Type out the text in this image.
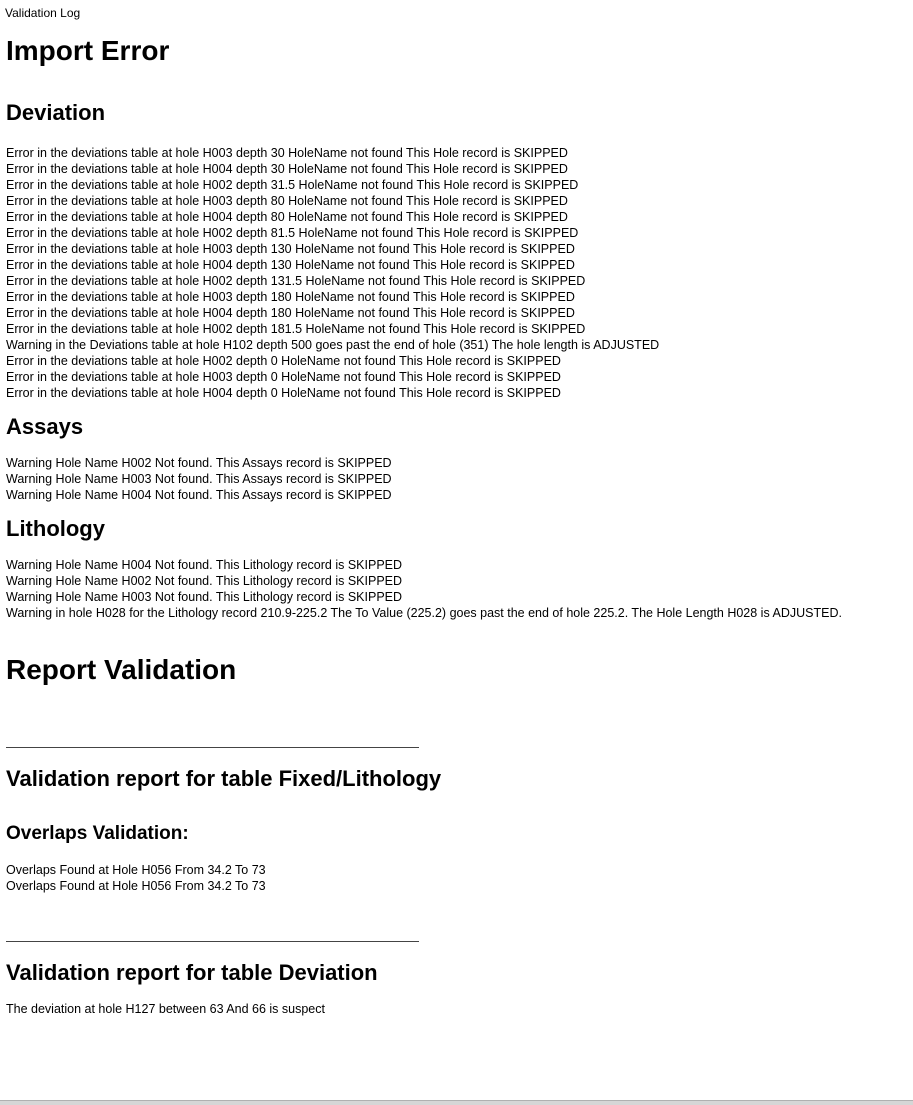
Validation Log
Import Error
Deviation
Error in the deviations table at hole H003 depth 30 HoleName not found This Hole record is SKIPPED
Error in the deviations table at hole H004 depth 30 HoleName not found This Hole record is SKIPPED
Error in the deviations table at hole H002 depth 31.5 HoleName not found This Hole record is SKIPPED
Error in the deviations table at hole H003 depth 80 HoleName not found This Hole record is SKIPPED
Error in the deviations table at hole H004 depth 80 HoleName not found This Hole record is SKIPPED
Error in the deviations table at hole H002 depth 81.5 HoleName not found This Hole record is SKIPPED
Error in the deviations table at hole H003 depth 130 HoleName not found This Hole record is SKIPPED
Error in the deviations table at hole H004 depth 130 HoleName not found This Hole record is SKIPPED
Error in the deviations table at hole H002 depth 131.5 HoleName not found This Hole record is SKIPPED
Error in the deviations table at hole H003 depth 180 HoleName not found This Hole record is SKIPPED
Error in the deviations table at hole H004 depth 180 HoleName not found This Hole record is SKIPPED
Error in the deviations table at hole H002 depth 181.5 HoleName not found This Hole record is SKIPPED
Warning in the Deviations table at hole H102 depth 500 goes past the end of hole (351) The hole length is ADJUSTED
Error in the deviations table at hole H002 depth 0 HoleName not found This Hole record is SKIPPED
Error in the deviations table at hole H003 depth 0 HoleName not found This Hole record is SKIPPED
Error in the deviations table at hole H004 depth 0 HoleName not found This Hole record is SKIPPED
Assays
Warning Hole Name H002 Not found. This Assays record is SKIPPED
Warning Hole Name H003 Not found. This Assays record is SKIPPED
Warning Hole Name H004 Not found. This Assays record is SKIPPED
Lithology
Warning Hole Name H004 Not found. This Lithology record is SKIPPED
Warning Hole Name H002 Not found. This Lithology record is SKIPPED
Warning Hole Name H003 Not found. This Lithology record is SKIPPED
Warning in hole H028 for the Lithology record 210.9-225.2 The To Value (225.2) goes past the end of hole 225.2. The Hole Length H028 is ADJUSTED.
Report Validation
Validation report for table Fixed/Lithology
Overlaps Validation:
Overlaps Found at Hole H056 From 34.2 To 73
Overlaps Found at Hole H056 From 34.2 To 73
Validation report for table Deviation
The deviation at hole H127 between 63 And 66 is suspect
